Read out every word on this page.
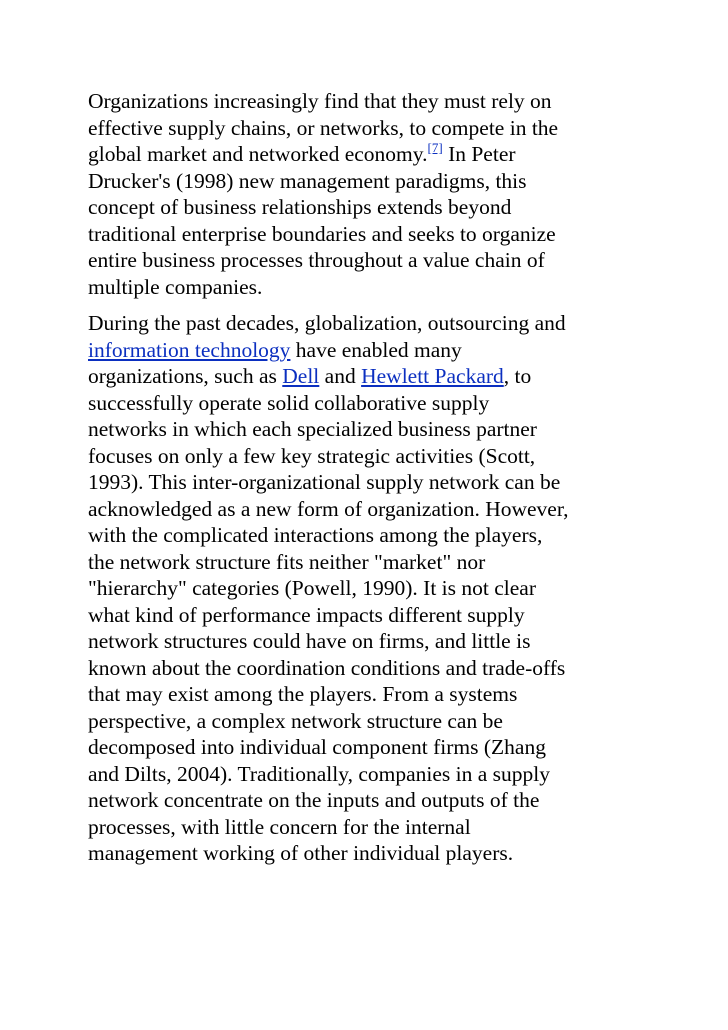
Organizations increasingly find that they must rely on
effective supply chains, or networks, to compete in the
global market and networked economy.[7] In Peter
Drucker's (1998) new management paradigms, this
concept of business relationships extends beyond
traditional enterprise boundaries and seeks to organize
entire business processes throughout a value chain of
multiple companies.

During the past decades, globalization, outsourcing and
information technology have enabled many
organizations, such as Dell and Hewlett Packard, to
successfully operate solid collaborative supply
networks in which each specialized business partner
focuses on only a few key strategic activities (Scott,
1993). This inter-organizational supply network can be
acknowledged as a new form of organization. However,
with the complicated interactions among the players,
the network structure fits neither "market" nor
"hierarchy" categories (Powell, 1990). It is not clear
what kind of performance impacts different supply
network structures could have on firms, and little is
known about the coordination conditions and trade-offs
that may exist among the players. From a systems
perspective, a complex network structure can be
decomposed into individual component firms (Zhang
and Dilts, 2004). Traditionally, companies in a supply
network concentrate on the inputs and outputs of the
processes, with little concern for the internal
management working of other individual players.
